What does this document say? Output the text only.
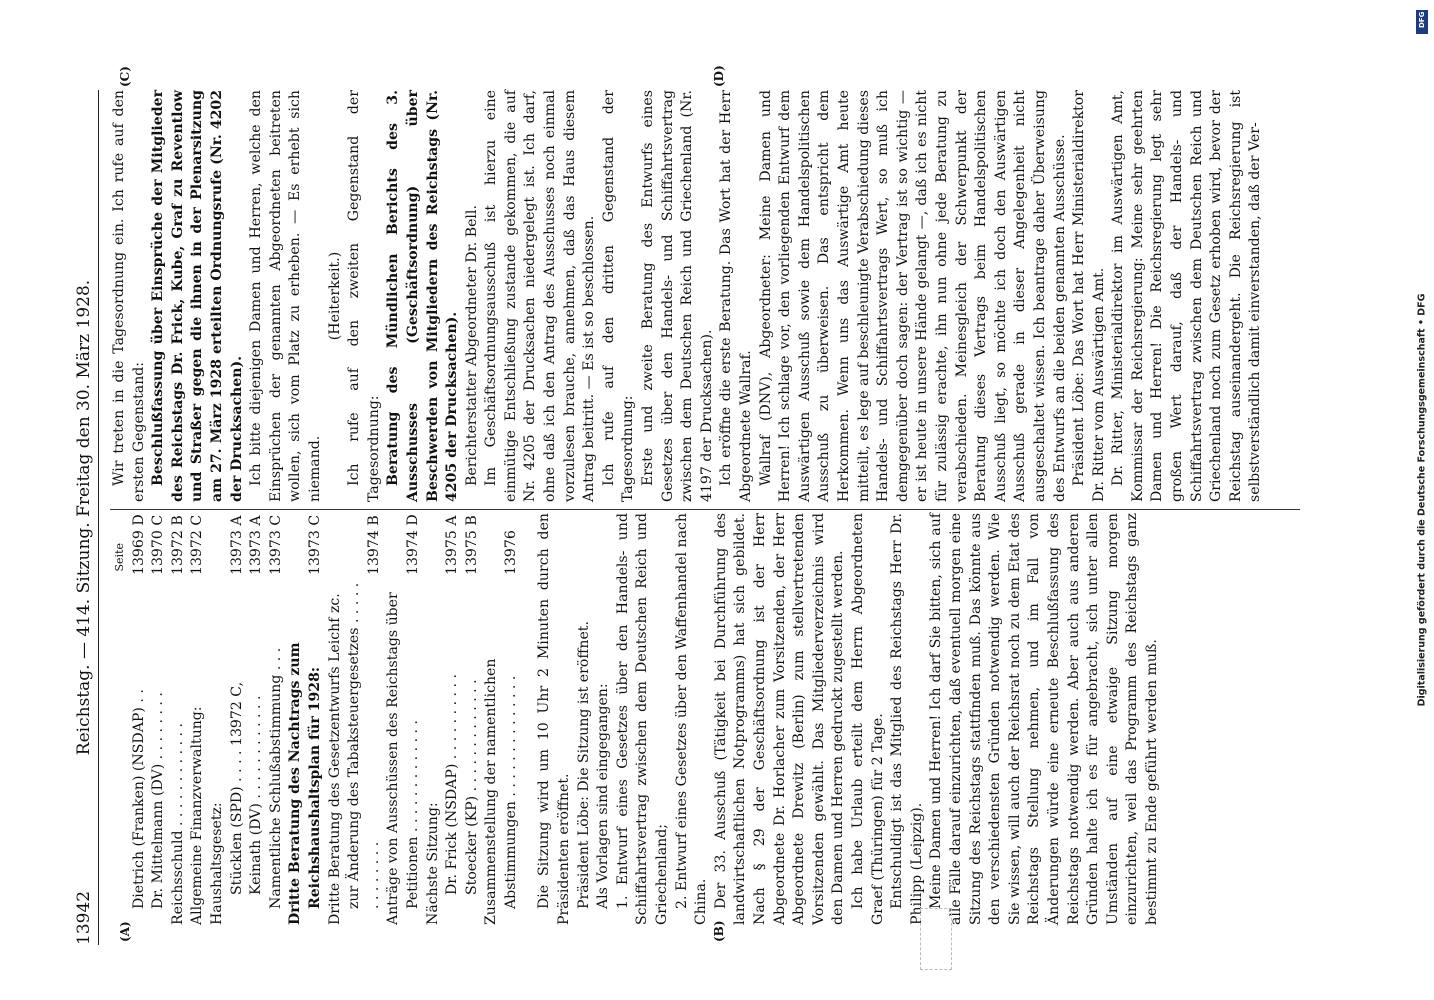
13942
Reichstag. — 414. Sitzung. Freitag den 30. März 1928.
(A)	(B)
(C)	(D)
Seite
Dietrich (Franken) (NSDAP) . .
13969 D
Dr. Mittelmann (DV) . . . . . . . .
13970 C
Reichsschuld . . . . . . . . . . . .
13972 B
Allgemeine Finanzverwaltung:
13972 C
Haushaltsgesetz: Stücklen (SPD) . . . . 13972 C,
13973 A
Keinath (DV) . . . . . . . . . . . .
13973 A
Namentliche Schlußabstimmung . . .
13973 C
Dritte Beratung des Nachtrags zum Reichshaushaltsplan für 1928:
13973 C
Dritte Beratung des Gesetzentwurfs Leichf zc. zur Änderung des Tabaksteuergesetzes . . . . . . . . . . . . .
13974 B
Anträge von Ausschüssen des Reichstags über Petitionen . . . . . . . . . . . . .
13974 D
Nächste Sitzung: Dr. Frick (NSDAP) . . . . . . . . . .
13975 A
Stoecker (KP) . . . . . . . . . . . . .
13975 B
Zusammenstellung der namentlichen Abstimmungen . . . . . . . . . . . . . .
13976 Die Sitzung wird um 10 Uhr 2 Minuten durch den Präsidenten eröffnet. Präsident Löbe: Die Sitzung ist eröffnet. Als Vorlagen sind eingegangen: 1. Entwurf eines Gesetzes über den Handels- und Schiffahrtsvertrag zwischen dem Deutschen Reich und Griechenland; 2. Entwurf eines Gesetzes über den Waffenhandel nach China. Der 33. Ausschuß (Tätigkeit bei Durchführung des landwirtschaftlichen Notprogramms) hat sich gebildet. Nach § 29 der Geschäftsordnung ist der Herr Abgeordnete Dr. Horlacher zum Vorsitzenden, der Herr Abgeordnete Drewitz (Berlin) zum stellvertretenden Vorsitzenden gewählt. Das Mitgliederverzeichnis wird den Damen und Herren gedruckt zugestellt werden. Ich habe Urlaub erteilt dem Herrn Abgeordneten Graef (Thüringen) für 2 Tage. Entschuldigt ist das Mitglied des Reichstags Herr Dr. Philipp (Leipzig). Meine Damen und Herren! Ich darf Sie bitten, sich auf alle Fälle darauf einzurichten, daß eventuell morgen eine Sitzung des Reichstags stattfinden muß. Das könnte aus den verschiedensten Gründen notwendig werden. Wie Sie wissen, will auch der Reichsrat noch zu dem Etat des Reichstags Stellung nehmen, und im Fall von Änderungen würde eine erneute Beschlußfassung des Reichstags notwendig werden. Aber auch aus anderen Gründen halte ich es für angebracht, sich unter allen Umständen auf eine etwaige Sitzung morgen einzurichten, weil das Programm des Reichstags ganz bestimmt zu Ende geführt werden muß.

Wir treten in die Tagesordnung ein. Ich rufe auf den ersten Gegenstand: Beschlußfassung über Einsprüche der Mitglieder des Reichstags Dr. Frick, Kube, Graf zu Reventlow und Straßer gegen die ihnen in der Plenarsitzung am 27. März 1928 erteilten Ordnungsrufe (Nr. 4202 der Drucksachen). Ich bitte diejenigen Damen und Herren, welche den Einsprüchen der genannten Abgeordneten beitreten wollen, sich vom Platz zu erheben. — Es erhebt sich niemand.

(Heiterkeit.) Ich rufe auf den zweiten Gegenstand der Tagesordnung: Beratung des Mündlichen Berichts des 3. Ausschusses (Geschäftsordnung) über Beschwerden von Mitgliedern des Reichstags (Nr. 4205 der Drucksachen). Berichterstatter Abgeordneter Dr. Bell. Im Geschäftsordnungsausschuß ist hierzu eine einmütige Entschließung zustande gekommen, die auf Nr. 4205 der Drucksachen niedergelegt ist. Ich darf, ohne daß ich den Antrag des Ausschusses noch einmal vorzulesen brauche, annehmen, daß das Haus diesem Antrag beitritt. — Es ist so beschlossen. Ich rufe auf den dritten Gegenstand der Tagesordnung: Erste und zweite Beratung des Entwurfs eines Gesetzes über den Handels- und Schiffahrtsvertrag zwischen dem Deutschen Reich und Griechenland (Nr. 4197 der Drucksachen). Ich eröffne die erste Beratung. Das Wort hat der Herr Abgeordnete Wallraf. Wallraf (DNV), Abgeordneter: Meine Damen und Herren! Ich schlage vor, den vorliegenden Entwurf dem Auswärtigen Ausschuß sowie dem Handelspolitischen Ausschuß zu überweisen. Das entspricht dem Herkommen. Wenn uns das Auswärtige Amt heute mitteilt, es lege auf beschleunigte Verabschiedung dieses Handels- und Schiffahrtsvertrags Wert, so muß ich demgegenüber doch sagen: der Vertrag ist so wichtig — er ist heute in unsere Hände gelangt —, daß ich es nicht für zulässig erachte, ihn nun ohne jede Beratung zu verabschieden. Meinesgleich der Schwerpunkt der Beratung dieses Vertrags beim Handelspolitischen Ausschuß liegt, so möchte ich doch den Auswärtigen Ausschuß gerade in dieser Angelegenheit nicht ausgeschaltet wissen. Ich beantrage daher Überweisung des Entwurfs an die beiden genannten Ausschüsse. Präsident Löbe: Das Wort hat Herr Ministerialdirektor Dr. Ritter vom Auswärtigen Amt. Dr. Ritter, Ministerialdirektor im Auswärtigen Amt, Kommissar der Reichsregierung: Meine sehr geehrten Damen und Herren! Die Reichsregierung legt sehr großen Wert darauf, daß der Handels- und Schiffahrtsvertrag zwischen dem Deutschen Reich und Griechenland noch zum Gesetz erhoben wird, bevor der Reichstag auseinandergeht. Die Reichsregierung ist selbstverständlich damit einverstanden, daß der Ver-

DFG
Digitalisierung gefördert durch die Deutsche Forschungsgemeinschaft • DFG
